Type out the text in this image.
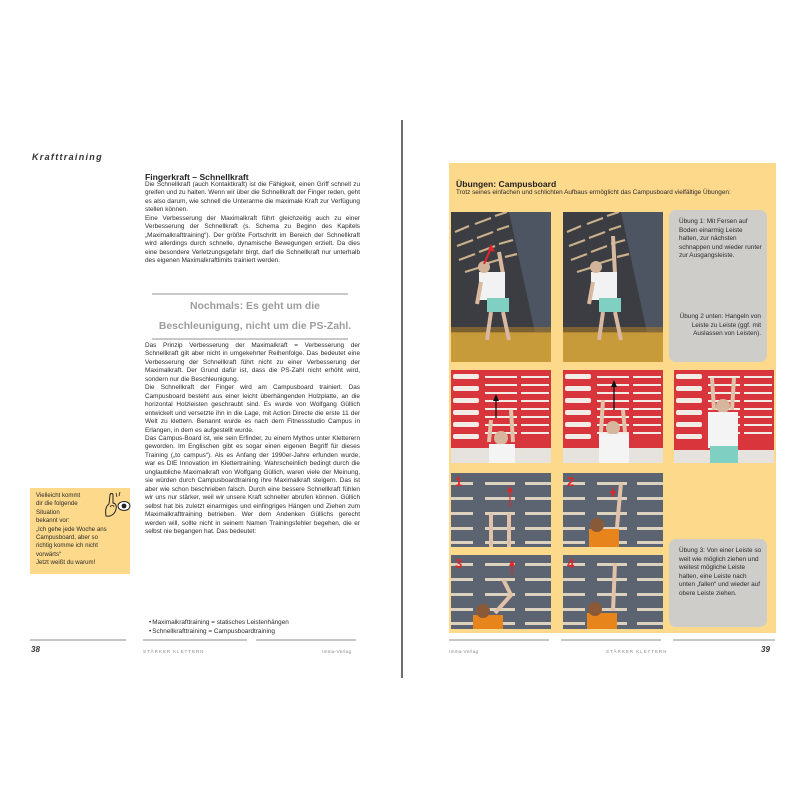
Krafttraining
Fingerkraft – Schnellkraft

Die Schnellkraft (auch Kontaktkraft) ist die Fähigkeit, einen Griff schnell zu greifen und zu halten. Wenn wir über die Schnellkraft der Finger reden, geht es also darum, wie schnell die Unterarme die maximale Kraft zur Verfügung stellen können.

Eine Verbesserung der Maximalkraft führt gleichzeitig auch zu einer Verbesserung der Schnellkraft (s. Schema zu Beginn des Kapitels „Maximalkrafttraining“). Der größte Fortschritt im Bereich der Schnellkraft wird allerdings durch schnelle, dynamische Bewegungen erzielt. Da dies eine besondere Verletzungsgefahr birgt, darf die Schnellkraft nur unterhalb des eigenen Maximalkraftlimits trainiert werden.

Nochmals: Es geht um die
Beschleunigung, nicht um die PS-Zahl.

Das Prinzip Verbesserung der Maximalkraft = Verbesserung der Schnellkraft gilt aber nicht in umgekehrter Reihenfolge. Das bedeutet eine Verbesserung der Schnellkraft führt nicht zu einer Verbesserung der Maximalkraft. Der Grund dafür ist, dass die PS-Zahl nicht erhöht wird, sondern nur die Beschleunigung.

Die Schnellkraft der Finger wird am Campusboard trainiert. Das Campusboard besteht aus einer leicht überhängenden Holzplatte, an die horizontal Holzleisten geschraubt sind. Es wurde von Wolfgang Güllich entwickelt und versetzte ihn in die Lage, mit Action Directe die erste 11 der Welt zu klettern. Benannt wurde es nach dem Fitnessstudio Campus in Erlangen, in dem es aufgestellt wurde.

Das Campus-Board ist, wie sein Erfinder, zu einem Mythos unter Kletterern geworden. Im Englischen gibt es sogar einen eigenen Begriff für dieses Training („to campus“). Als es Anfang der 1990er-Jahre erfunden wurde, war es DIE Innovation im Klettertraining. Wahrscheinlich bedingt durch die unglaubliche Maximalkraft von Wolfgang Güllich, waren viele der Meinung, sie würden durch Campusboardtraining ihre Maximalkraft steigern. Das ist aber wie schon beschrieben falsch. Durch eine bessere Schnellkraft fühlen wir uns nur stärker, weil wir unsere Kraft schneller abrufen können. Güllich selbst hat bis zuletzt einarmiges und einfingriges Hängen und Ziehen zum Maximalkrafttraining betrieben. Wer dem Andenken Güllichs gerecht werden will, sollte nicht in seinem Namen Trainingsfehler begehen, die er selbst nie begangen hat. Das bedeutet:

• Maximalkrafttraining = statisches Leistenhängen
• Schnellkrafttraining = Campusboardtraining
Vielleicht kommt
dir die folgende
Situation
bekannt vor:
„Ich gehe jede Woche ans
Campusboard, aber so
richtig komme ich nicht
vorwärts“
Jetzt weißt du warum!
38	STÄRKER KLETTERN	Imma-Verlag
Übungen: Campusboard
Trotz seines einfachen und schlichten Aufbaus ermöglicht das Campusboard vielfältige Übungen:
Übung 1: Mit Fersen auf Boden einarmig Leiste halten, zur nächsten schnappen und wieder runter zur Ausgangsleiste.
Übung 2 unten: Hangeln von Leiste zu Leiste (ggf. mit Auslassen von Leisten).
1	2
3	4
Übung 3: Von einer Leiste so weit wie möglich ziehen und weitest mögliche Leiste halten, eine Leiste nach unten „fallen“ und wieder auf obere Leiste ziehen.
Imma-Verlag	STÄRKER KLETTERN	39
